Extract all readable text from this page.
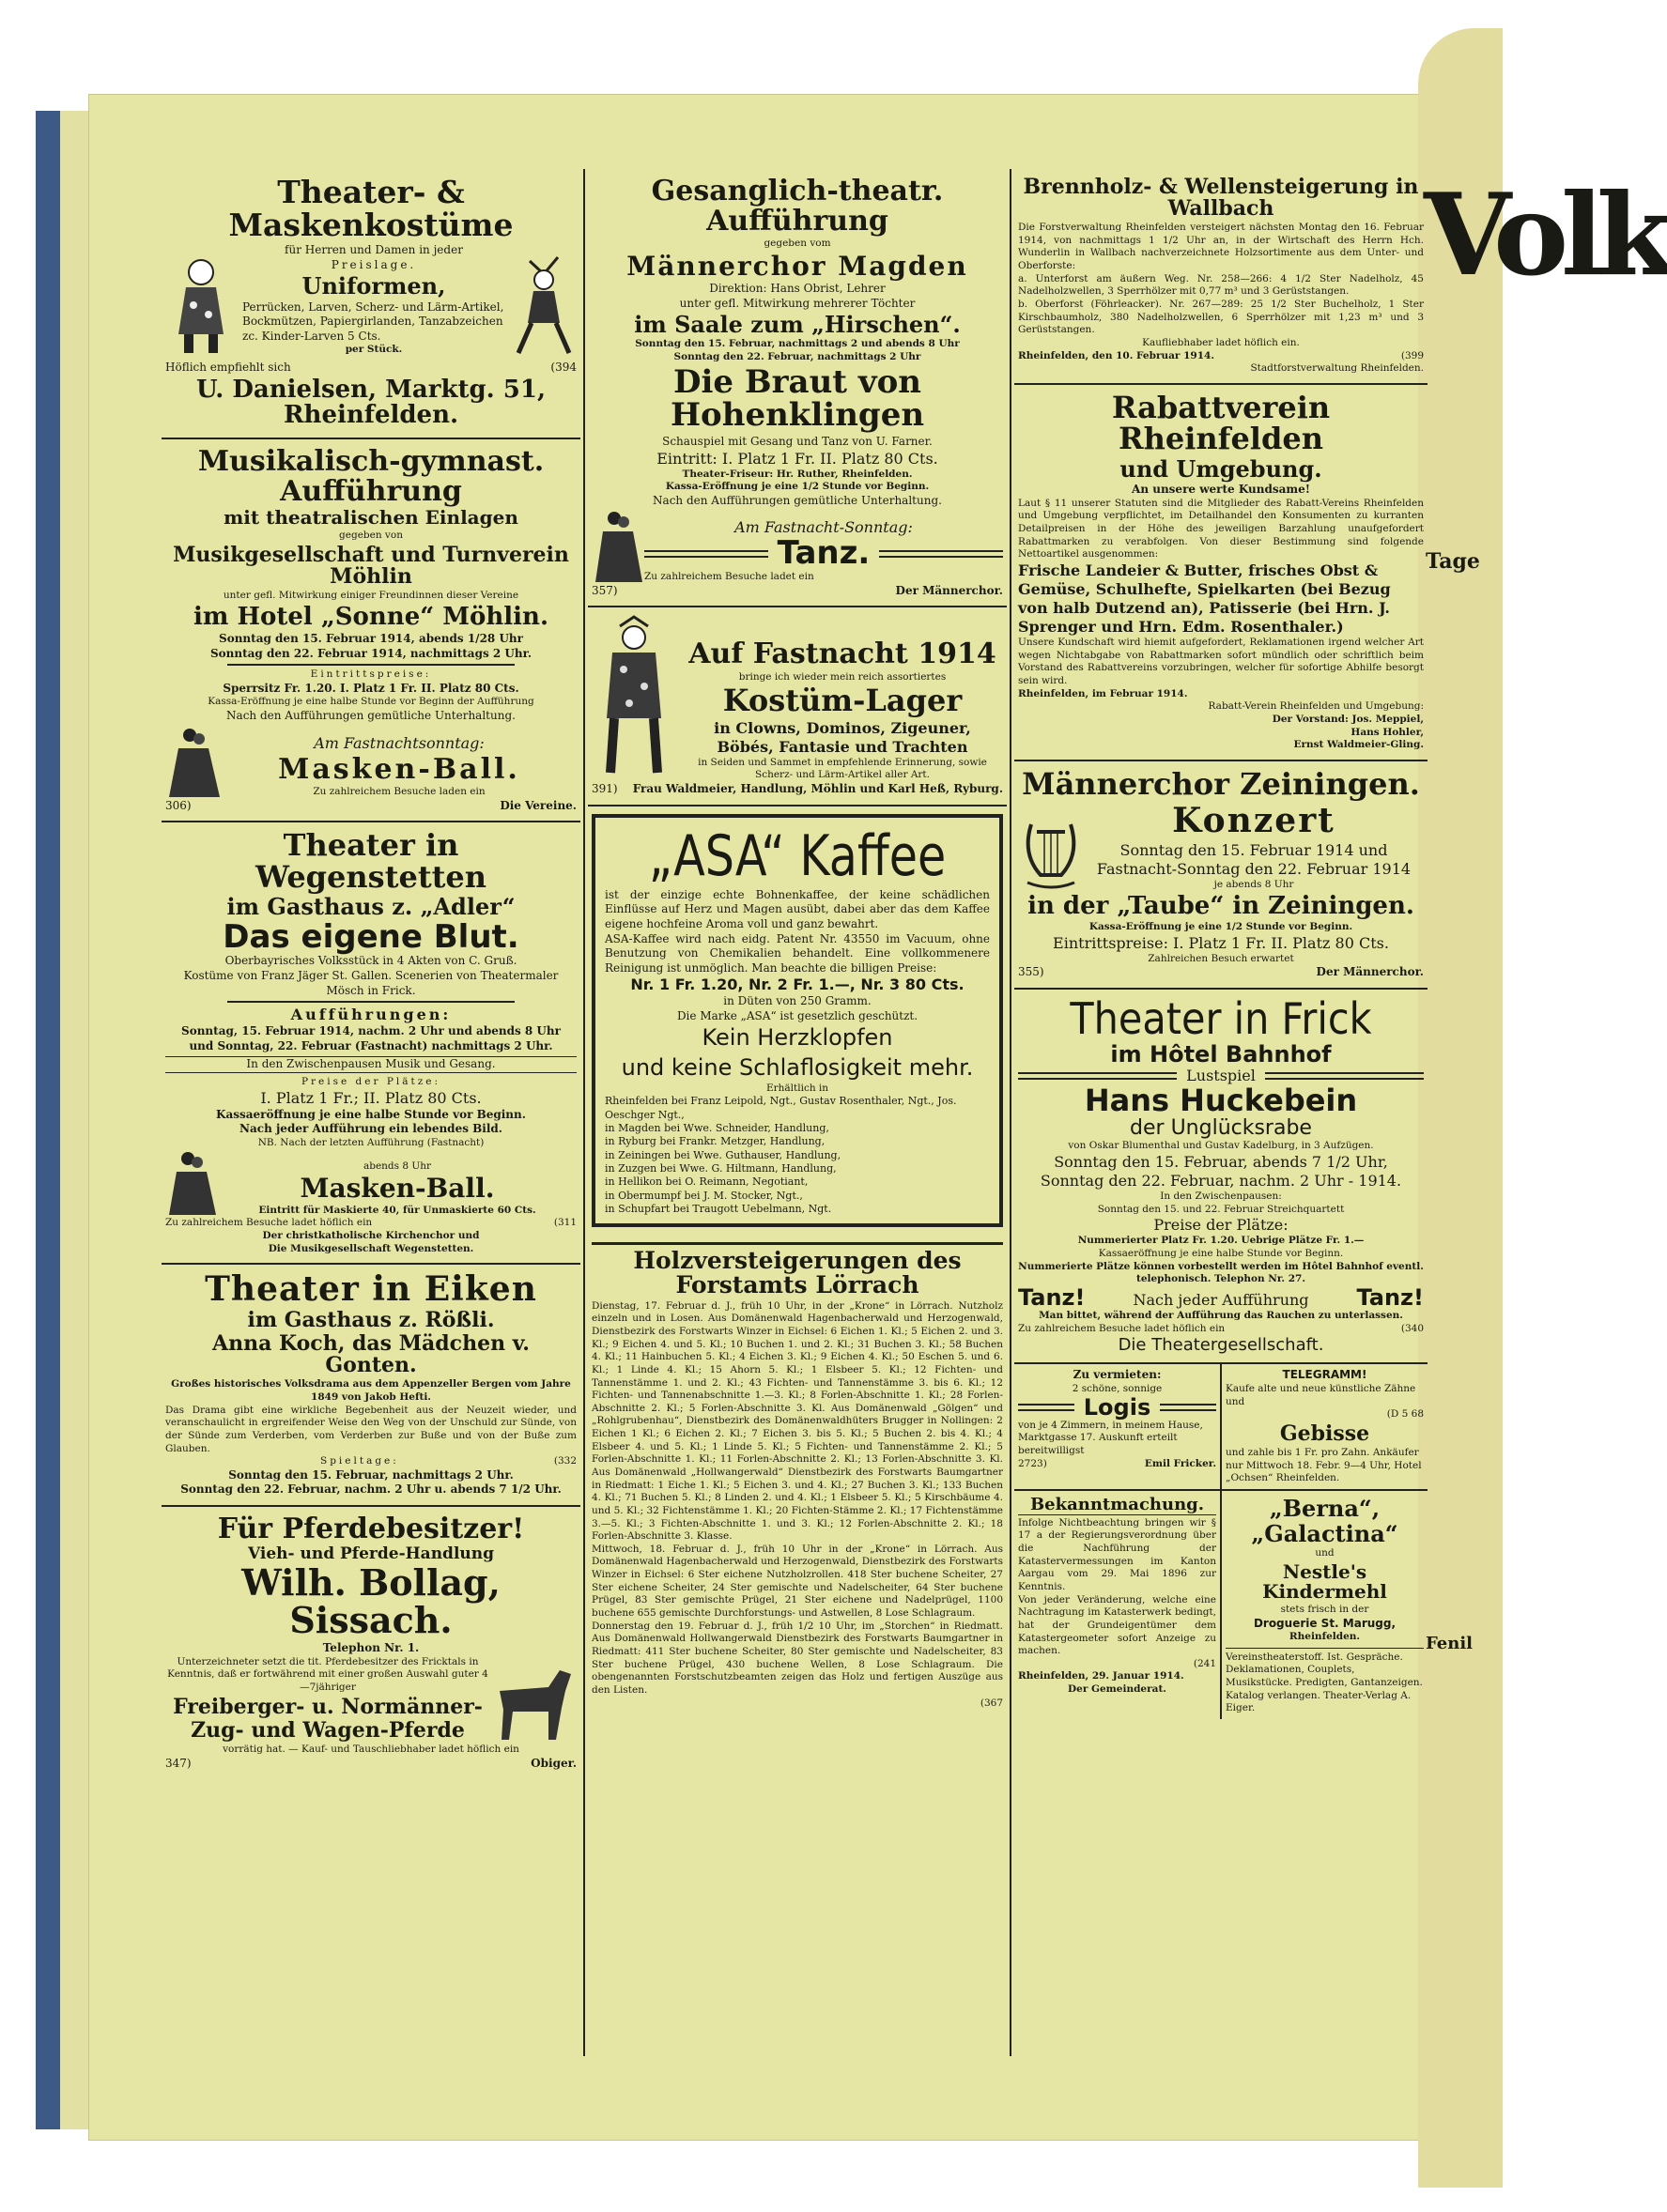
Volk
Tage
Fenil
Theater- & Maskenkostüme
für Herren und Damen in jeder
Preislage.
Uniformen,
Perrücken, Larven, Scherz- und Lärm-Artikel, Bockmützen, Papiergirlanden, Tanzabzeichen zc. Kinder-Larven 5 Cts.
per Stück.
Höflich empfiehlt sich	(394
U. Danielsen, Marktg. 51, Rheinfelden.
Musikalisch-gymnast. Aufführung
mit theatralischen Einlagen
gegeben von
Musikgesellschaft und Turnverein Möhlin
unter gefl. Mitwirkung einiger Freundinnen dieser Vereine
im Hotel „Sonne“ Möhlin.
Sonntag den 15. Februar 1914, abends 1/28 Uhr
Sonntag den 22. Februar 1914, nachmittags 2 Uhr.
Eintrittspreise:
Sperrsitz Fr. 1.20. I. Platz 1 Fr. II. Platz 80 Cts.
Kassa-Eröffnung je eine halbe Stunde vor Beginn der Aufführung
Nach den Aufführungen gemütliche Unterhaltung.
Am Fastnachtsonntag:
Masken-Ball.
Zu zahlreichem Besuche laden ein
306)	Die Vereine.
Theater in Wegenstetten
im Gasthaus z. „Adler“
Das eigene Blut.
Oberbayrisches Volksstück in 4 Akten von C. Gruß.
Kostüme von Franz Jäger St. Gallen. Scenerien von Theatermaler Mösch in Frick.
Aufführungen:
Sonntag, 15. Februar 1914, nachm. 2 Uhr und abends 8 Uhr
und Sonntag, 22. Februar (Fastnacht) nachmittags 2 Uhr.
In den Zwischenpausen Musik und Gesang.
Preise der Plätze:
I. Platz 1 Fr.; II. Platz 80 Cts.
Kassaeröffnung je eine halbe Stunde vor Beginn.
Nach jeder Aufführung ein lebendes Bild.
NB. Nach der letzten Aufführung (Fastnacht)
abends 8 Uhr
Masken-Ball.
Eintritt für Maskierte 40, für Unmaskierte 60 Cts.
Zu zahlreichem Besuche ladet höflich ein	(311
Der christkatholische Kirchenchor und
Die Musikgesellschaft Wegenstetten.
Theater in Eiken
im Gasthaus z. Rößli.
Anna Koch, das Mädchen v. Gonten.
Großes historisches Volksdrama aus dem Appenzeller Bergen vom Jahre 1849 von Jakob Hefti.
Das Drama gibt eine wirkliche Begebenheit aus der Neuzeit wieder, und veranschaulicht in ergreifender Weise den Weg von der Unschuld zur Sünde, von der Sünde zum Verderben, vom Verderben zur Buße und von der Buße zum Glauben.
Spieltage:	(332
Sonntag den 15. Februar, nachmittags 2 Uhr.
Sonntag den 22. Februar, nachm. 2 Uhr u. abends 7 1/2 Uhr.
Für Pferdebesitzer!
Vieh- und Pferde-Handlung
Wilh. Bollag, Sissach.
Telephon Nr. 1.
Unterzeichneter setzt die tit. Pferdebesitzer des Fricktals in Kenntnis, daß er fortwährend mit einer großen Auswahl guter 4—7jähriger
Freiberger- u. Normänner-
Zug- und Wagen-Pferde
vorrätig hat. — Kauf- und Tauschliebhaber ladet höflich ein
347)	Obiger.
Gesanglich-theatr. Aufführung
gegeben vom
Männerchor Magden
Direktion: Hans Obrist, Lehrer
unter gefl. Mitwirkung mehrerer Töchter
im Saale zum „Hirschen“.
Sonntag den 15. Februar, nachmittags 2 und abends 8 Uhr
Sonntag den 22. Februar, nachmittags 2 Uhr
Die Braut von Hohenklingen
Schauspiel mit Gesang und Tanz von U. Farner.
Eintritt: I. Platz 1 Fr. II. Platz 80 Cts.
Theater-Friseur: Hr. Ruther, Rheinfelden.
Kassa-Eröffnung je eine 1/2 Stunde vor Beginn.
Nach den Aufführungen gemütliche Unterhaltung.
Am Fastnacht-Sonntag:
Tanz.
Zu zahlreichem Besuche ladet ein
357)	Der Männerchor.
Auf Fastnacht 1914
bringe ich wieder mein reich assortiertes
Kostüm-Lager
in Clowns, Dominos, Zigeuner,
Böbés, Fantasie und Trachten
in Seiden und Sammet in empfehlende Erinnerung, sowie Scherz- und Lärm-Artikel aller Art.
391)	Frau Waldmeier, Handlung, Möhlin und Karl Heß, Ryburg.
„ASA“ Kaffee
ist der einzige echte Bohnenkaffee, der keine schädlichen Einflüsse auf Herz und Magen ausübt, dabei aber das dem Kaffee eigene hochfeine Aroma voll und ganz bewahrt.
ASA-Kaffee wird nach eidg. Patent Nr. 43550 im Vacuum, ohne Benutzung von Chemikalien behandelt. Eine vollkommenere Reinigung ist unmöglich. Man beachte die billigen Preise:
Nr. 1 Fr. 1.20, Nr. 2 Fr. 1.—, Nr. 3 80 Cts.
in Düten von 250 Gramm.
Die Marke „ASA“ ist gesetzlich geschützt.
Kein Herzklopfen
und keine Schlaflosigkeit mehr.
Erhältlich in
Rheinfelden bei Franz Leipold, Ngt., Gustav Rosenthaler, Ngt., Jos. Oeschger Ngt.,
in Magden bei Wwe. Schneider, Handlung,
in Ryburg bei Frankr. Metzger, Handlung,
in Zeiningen bei Wwe. Guthauser, Handlung,
in Zuzgen bei Wwe. G. Hiltmann, Handlung,
in Hellikon bei O. Reimann, Negotiant,
in Obermumpf bei J. M. Stocker, Ngt.,
in Schupfart bei Traugott Uebelmann, Ngt.
Holzversteigerungen des Forstamts Lörrach
Dienstag, 17. Februar d. J., früh 10 Uhr, in der „Krone“ in Lörrach. Nutzholz einzeln und in Losen. Aus Domänenwald Hagenbacherwald und Herzogenwald, Dienstbezirk des Forstwarts Winzer in Eichsel: 6 Eichen 1. Kl.; 5 Eichen 2. und 3. Kl.; 9 Eichen 4. und 5. Kl.; 10 Buchen 1. und 2. Kl.; 31 Buchen 3. Kl.; 58 Buchen 4. Kl.; 11 Hainbuchen 5. Kl.; 4 Eichen 3. Kl.; 9 Eichen 4. Kl.; 50 Eschen 5. und 6. Kl.; 1 Linde 4. Kl.; 15 Ahorn 5. Kl.; 1 Elsbeer 5. Kl.; 12 Fichten- und Tannenstämme 1. und 2. Kl.; 43 Fichten- und Tannenstämme 3. bis 6. Kl.; 12 Fichten- und Tannenabschnitte 1.—3. Kl.; 8 Forlen-Abschnitte 1. Kl.; 28 Forlen-Abschnitte 2. Kl.; 5 Forlen-Abschnitte 3. Kl. Aus Domänenwald „Gölgen“ und „Rohlgrubenhau“, Dienstbezirk des Domänenwaldhüters Brugger in Nollingen: 2 Eichen 1 Kl.; 6 Eichen 2. Kl.; 7 Eichen 3. bis 5. Kl.; 5 Buchen 2. bis 4. Kl.; 4 Elsbeer 4. und 5. Kl.; 1 Linde 5. Kl.; 5 Fichten- und Tannenstämme 2. Kl.; 5 Forlen-Abschnitte 1. Kl.; 11 Forlen-Abschnitte 2. Kl.; 13 Forlen-Abschnitte 3. Kl. Aus Domänenwald „Hollwangerwald“ Dienstbezirk des Forstwarts Baumgartner in Riedmatt: 1 Eiche 1. Kl.; 5 Eichen 3. und 4. Kl.; 27 Buchen 3. Kl.; 133 Buchen 4. Kl.; 71 Buchen 5. Kl.; 8 Linden 2. und 4. Kl.; 1 Elsbeer 5. Kl.; 5 Kirschbäume 4. und 5. Kl.; 32 Fichtenstämme 1. Kl.; 20 Fichten-Stämme 2. Kl.; 17 Fichtenstämme 3.—5. Kl.; 3 Fichten-Abschnitte 1. und 3. Kl.; 12 Forlen-Abschnitte 2. Kl.; 18 Forlen-Abschnitte 3. Klasse.
Mittwoch, 18. Februar d. J., früh 10 Uhr in der „Krone“ in Lörrach. Aus Domänenwald Hagenbacherwald und Herzogenwald, Dienstbezirk des Forstwarts Winzer in Eichsel: 6 Ster eichene Nutzholzrollen. 418 Ster buchene Scheiter, 27 Ster eichene Scheiter, 24 Ster gemischte und Nadelscheiter, 64 Ster buchene Prügel, 83 Ster gemischte Prügel, 21 Ster eichene und Nadelprügel, 1100 buchene 655 gemischte Durchforstungs- und Astwellen, 8 Lose Schlagraum.
Donnerstag den 19. Februar d. J., früh 1/2 10 Uhr, im „Storchen“ in Riedmatt. Aus Domänenwald Hollwangerwald Dienstbezirk des Forstwarts Baumgartner in Riedmatt: 411 Ster buchene Scheiter, 80 Ster gemischte und Nadelscheiter, 83 Ster buchene Prügel, 430 buchene Wellen, 8 Lose Schlagraum. Die obengenannten Forstschutzbeamten zeigen das Holz und fertigen Auszüge aus den Listen.
(367
Brennholz- & Wellensteigerung in Wallbach
Die Forstverwaltung Rheinfelden versteigert nächsten Montag den 16. Februar 1914, von nachmittags 1 1/2 Uhr an, in der Wirtschaft des Herrn Hch. Wunderlin in Wallbach nachverzeichnete Holzsortimente aus dem Unter- und Oberforste:
a. Unterforst am äußern Weg. Nr. 258—266: 4 1/2 Ster Nadelholz, 45 Nadelholzwellen, 3 Sperrhölzer mit 0,77 m³ und 3 Gerüststangen.
b. Oberforst (Föhrleacker). Nr. 267—289: 25 1/2 Ster Buchelholz, 1 Ster Kirschbaumholz, 380 Nadelholzwellen, 6 Sperrhölzer mit 1,23 m³ und 3 Gerüststangen.
Kaufliebhaber ladet höflich ein.
Rheinfelden, den 10. Februar 1914.	(399
Stadtforstverwaltung Rheinfelden.
Rabattverein Rheinfelden
und Umgebung.
An unsere werte Kundsame!
Laut § 11 unserer Statuten sind die Mitglieder des Rabatt-Vereins Rheinfelden und Umgebung verpflichtet, im Detailhandel den Konsumenten zu kurranten Detailpreisen in der Höhe des jeweiligen Barzahlung unaufgefordert Rabattmarken zu verabfolgen. Von dieser Bestimmung sind folgende Nettoartikel ausgenommen:
Frische Landeier & Butter, frisches Obst & Gemüse, Schulhefte, Spielkarten (bei Bezug von halb Dutzend an), Patisserie (bei Hrn. J. Sprenger und Hrn. Edm. Rosenthaler.)
Unsere Kundschaft wird hiemit aufgefordert, Reklamationen irgend welcher Art wegen Nichtabgabe von Rabattmarken sofort mündlich oder schriftlich beim Vorstand des Rabattvereins vorzubringen, welcher für sofortige Abhilfe besorgt sein wird.
Rheinfelden, im Februar 1914.
Rabatt-Verein Rheinfelden und Umgebung:
Der Vorstand: Jos. Meppiel,
Hans Hohler,
Ernst Waldmeier-Gling.
Männerchor Zeiningen.
Konzert
Sonntag den 15. Februar 1914 und
Fastnacht-Sonntag den 22. Februar 1914
je abends 8 Uhr
in der „Taube“ in Zeiningen.
Kassa-Eröffnung je eine 1/2 Stunde vor Beginn.
Eintrittspreise: I. Platz 1 Fr. II. Platz 80 Cts.
Zahlreichen Besuch erwartet
355)	Der Männerchor.
Theater in Frick
im Hôtel Bahnhof
Lustspiel
Hans Huckebein
der Unglücksrabe
von Oskar Blumenthal und Gustav Kadelburg, in 3 Aufzügen.
Sonntag den 15. Februar, abends 7 1/2 Uhr,
Sonntag den 22. Februar, nachm. 2 Uhr - 1914.
In den Zwischenpausen:
Sonntag den 15. und 22. Februar Streichquartett
Preise der Plätze:
Nummerierter Platz Fr. 1.20. Uebrige Plätze Fr. 1.—
Kassaeröffnung je eine halbe Stunde vor Beginn.
Nummerierte Plätze können vorbestellt werden im Hôtel Bahnhof eventl. telephonisch. Telephon Nr. 27.
Tanz!	Nach jeder Aufführung Tanz!
Man bittet, während der Aufführung das Rauchen zu unterlassen.
Zu zahlreichem Besuche ladet höflich ein	(340
Die Theatergesellschaft.
Zu vermieten:
2 schöne, sonnige
Logis
von je 4 Zimmern, in meinem Hause, Marktgasse 17. Auskunft erteilt bereitwilligst
2723)	Emil Fricker.
TELEGRAMM!
Kaufe alte und neue künstliche Zähne und
(D 5 68
Gebisse
und zahle bis 1 Fr. pro Zahn. Ankäufer nur Mittwoch 18. Febr. 9—4 Uhr, Hotel „Ochsen“ Rheinfelden.
Bekanntmachung.
Infolge Nichtbeachtung bringen wir § 17 a der Regierungsverordnung über die Nachführung der Katastervermessungen im Kanton Aargau vom 29. Mai 1896 zur Kenntnis.
Von jeder Veränderung, welche eine Nachtragung im Katasterwerk bedingt, hat der Grundeigentümer dem Katastergeometer sofort Anzeige zu machen.
(241
Rheinfelden, 29. Januar 1914.
Der Gemeinderat.
„Berna“,
„Galactina“
und
Nestle's Kindermehl
stets frisch in der
Droguerie St. Marugg,
Rheinfelden.
Vereinstheaterstoff. Ist. Gespräche. Deklamationen, Couplets, Musikstücke. Predigten, Gantanzeigen. Katalog verlangen. Theater-Verlag A. Eiger.
